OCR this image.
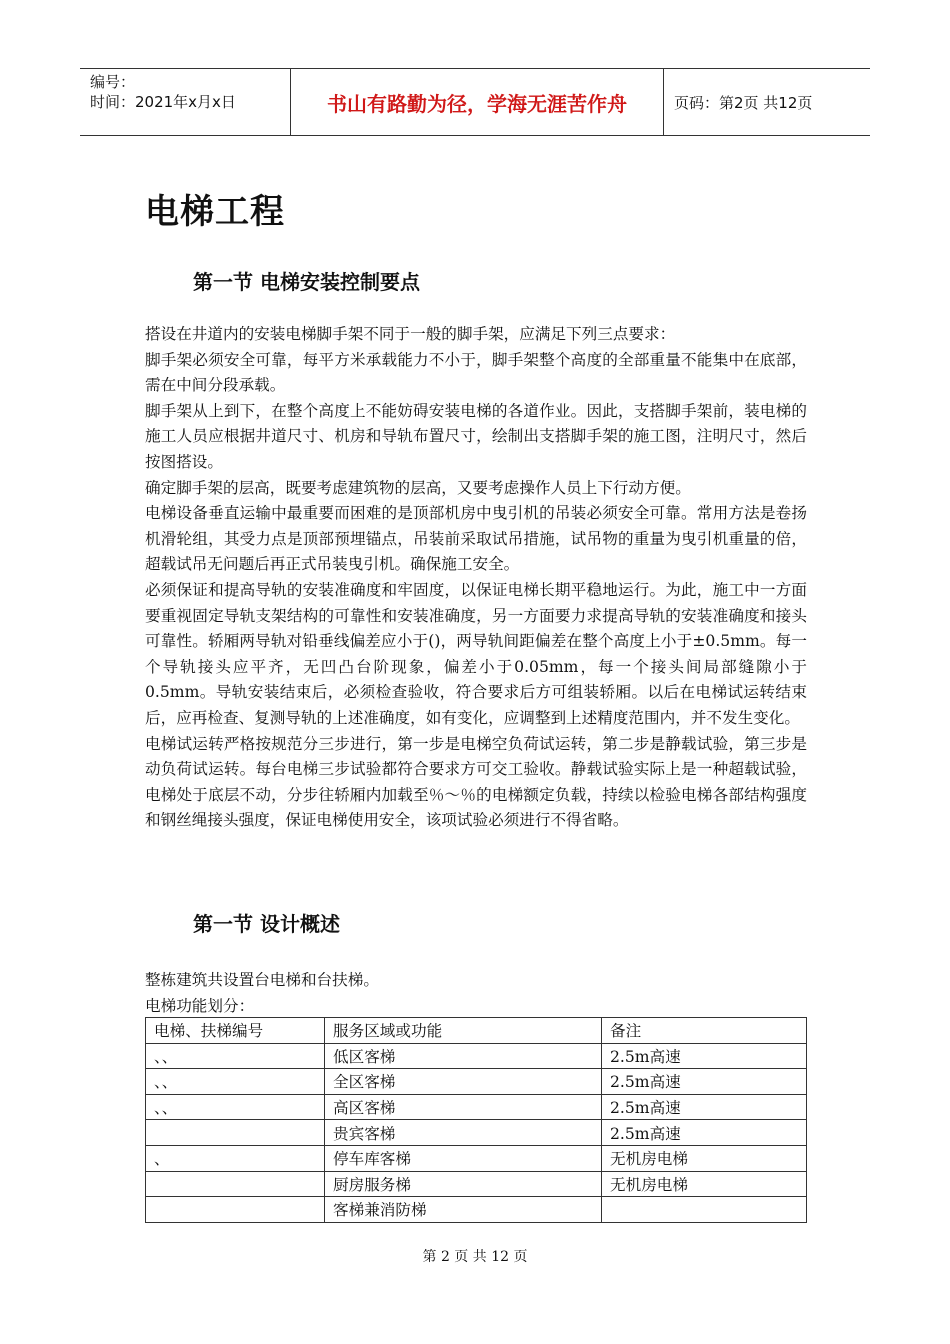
编号：
时间：2021年x月x日	书山有路勤为径，学海无涯苦作舟	页码：第2页 共12页
电梯工程
第一节 电梯安装控制要点

搭设在井道内的安装电梯脚手架不同于一般的脚手架，应满足下列三点要求：

脚手架必须安全可靠，每平方米承载能力不小于，脚手架整个高度的全部重量不能集中在底部，需在中间分段承载。

脚手架从上到下，在整个高度上不能妨碍安装电梯的各道作业。因此，支搭脚手架前，装电梯的施工人员应根据井道尺寸、机房和导轨布置尺寸，绘制出支搭脚手架的施工图，注明尺寸，然后按图搭设。

确定脚手架的层高，既要考虑建筑物的层高，又要考虑操作人员上下行动方便。

电梯设备垂直运输中最重要而困难的是顶部机房中曳引机的吊装必须安全可靠。常用方法是卷扬机滑轮组，其受力点是顶部预埋锚点，吊装前采取试吊措施，试吊物的重量为曳引机重量的倍，超载试吊无问题后再正式吊装曳引机。确保施工安全。

必须保证和提高导轨的安装准确度和牢固度，以保证电梯长期平稳地运行。为此，施工中一方面要重视固定导轨支架结构的可靠性和安装准确度，另一方面要力求提高导轨的安装准确度和接头可靠性。轿厢两导轨对铅垂线偏差应小于()，两导轨间距偏差在整个高度上小于±0.5mm。每一个导轨接头应平齐，无凹凸台阶现象，偏差小于0.05mm，每一个接头间局部缝隙小于0.5mm。导轨安装结束后，必须检查验收，符合要求后方可组装轿厢。以后在电梯试运转结束后，应再检查、复测导轨的上述准确度，如有变化，应调整到上述精度范围内，并不发生变化。

电梯试运转严格按规范分三步进行，第一步是电梯空负荷试运转，第二步是静载试验，第三步是动负荷试运转。每台电梯三步试验都符合要求方可交工验收。静载试验实际上是一种超载试验，电梯处于底层不动，分步往轿厢内加载至％～％的电梯额定负载，持续以检验电梯各部结构强度和钢丝绳接头强度，保证电梯使用安全，该项试验必须进行不得省略。

第一节 设计概述

整栋建筑共设置台电梯和台扶梯。

电梯功能划分：

电梯、扶梯编号	服务区域或功能	备注
、、	低区客梯	2.5m高速
、、	全区客梯	2.5m高速
、、	高区客梯	2.5m高速
	贵宾客梯	2.5m高速
、	停车库客梯	无机房电梯
	厨房服务梯	无机房电梯
	客梯兼消防梯	
第 2 页 共 12 页
